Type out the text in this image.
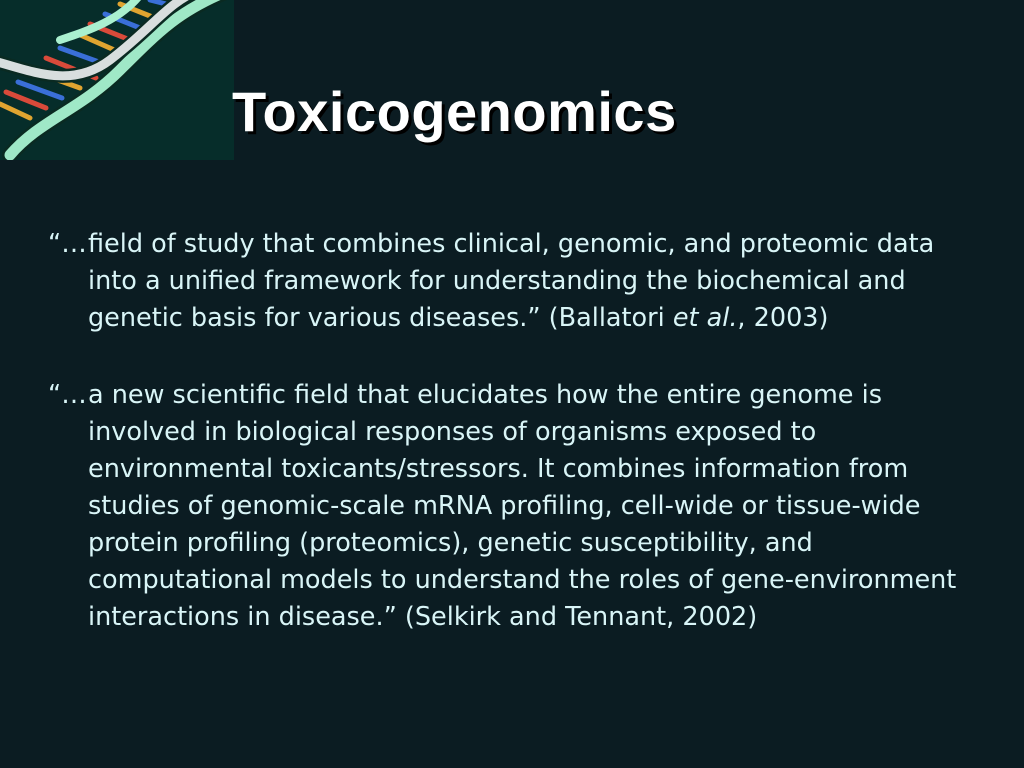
Toxicogenomics

“… field of study that combines clinical, genomic, and proteomic data into a unified framework for understanding the biochemical and genetic basis for various diseases.” (Ballatori et al., 2003)

“… a new scientific field that elucidates how the entire genome is involved in biological responses of organisms exposed to environmental toxicants/stressors. It combines information from studies of genomic-scale mRNA profiling, cell-wide or tissue-wide protein profiling (proteomics), genetic susceptibility, and computational models to understand the roles of gene-environment interactions in disease.” (Selkirk and Tennant, 2002)
